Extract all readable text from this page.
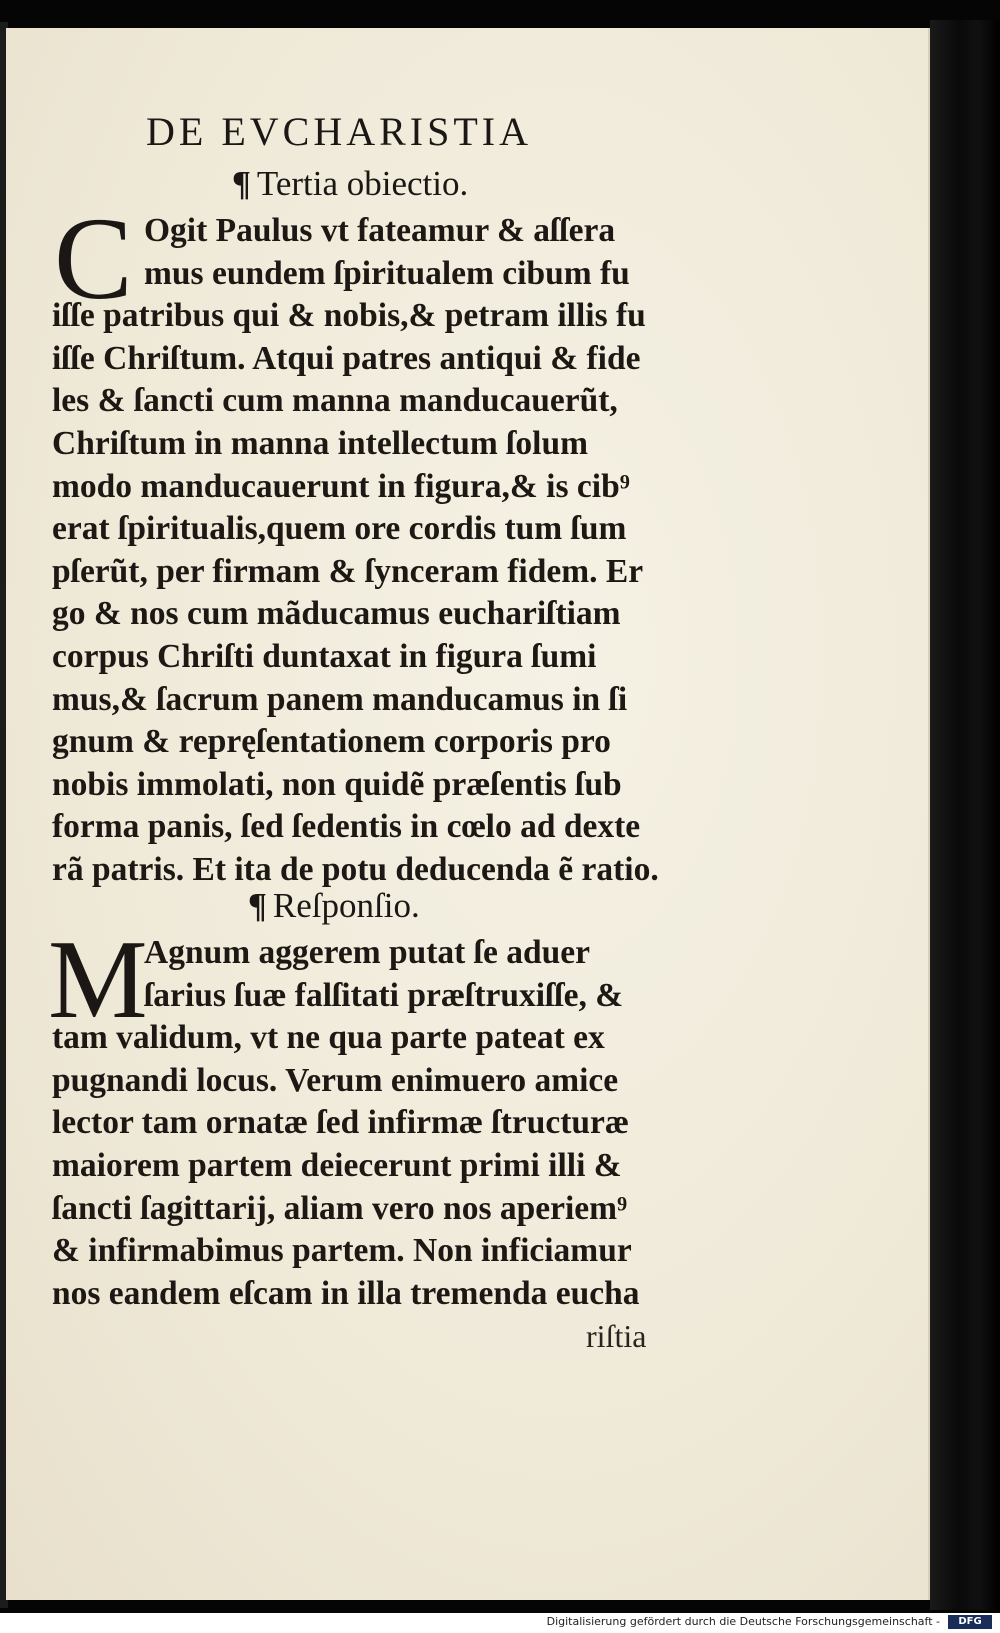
DE EVCHARISTIA
¶ Tertia obiectio.
C Ogit Paulus vt fateamur & aſſera
mus eundem ſpiritualem cibum fu
iſſe patribus qui & nobis,& petram illis fu
iſſe Chriſtum. Atqui patres antiqui & fide
les & ſancti cum manna manducauerũt,
Chriſtum in manna intellectum ſolum
modo manducauerunt in figura,& is cib⁹
erat ſpiritualis,quem ore cordis tum ſum
pſerũt, per firmam & ſynceram fidem. Er
go & nos cum mãducamus euchariſtiam
corpus Chriſti duntaxat in figura ſumi
mus,& ſacrum panem manducamus in ſi
gnum & repręſentationem corporis pro
nobis immolati, non quidẽ præſentis ſub
forma panis, ſed ſedentis in cœlo ad dexte
rã patris. Et ita de potu deducenda ẽ ratio.
¶ Reſponſio.
M
Agnum aggerem putat ſe aduer
ſarius ſuæ falſitati præſtruxiſſe, &
tam validum, vt ne qua parte pateat ex
pugnandi locus. Verum enimuero amice
lector tam ornatæ ſed infirmæ ſtructuræ
maiorem partem deiecerunt primi illi &
ſancti ſagittarij, aliam vero nos aperiem⁹
& infirmabimus partem. Non inficiamur
nos eandem eſcam in illa tremenda eucha
riſtia
Digitalisierung gefördert durch die Deutsche Forschungsgemeinschaft -	DFG
